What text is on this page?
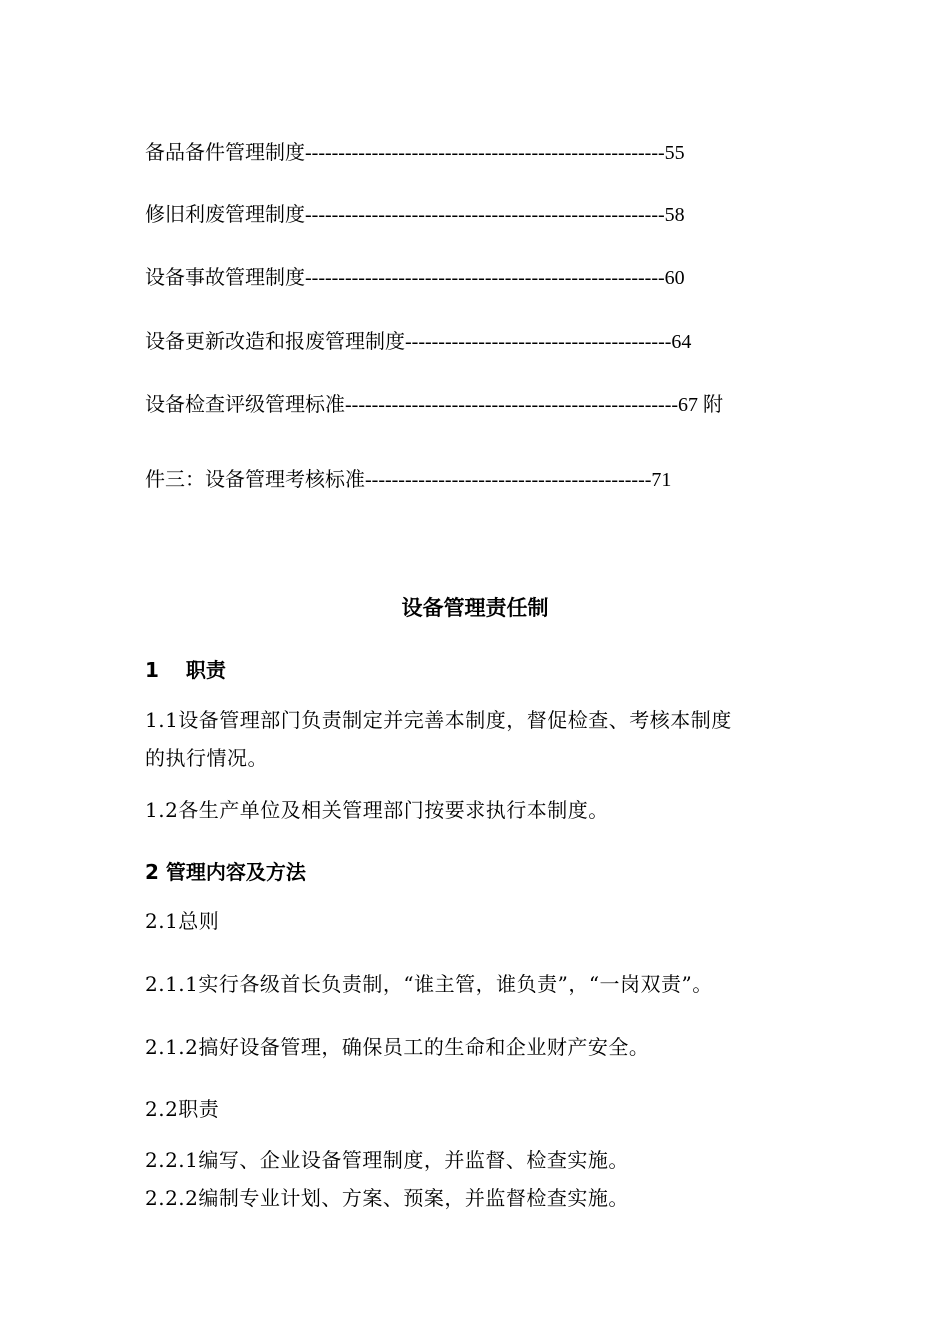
备品备件管理制度------------------------------------------------------55
修旧利废管理制度------------------------------------------------------58
设备事故管理制度------------------------------------------------------60
设备更新改造和报废管理制度----------------------------------------64
设备检查评级管理标准--------------------------------------------------67 附
件三：设备管理考核标准-------------------------------------------71
设备管理责任制
1　 职责
1.1设备管理部门负责制定并完善本制度，督促检查、考核本制度
的执行情况。
1.2各生产单位及相关管理部门按要求执行本制度。
2 管理内容及方法
2.1总则
2.1.1实行各级首长负责制，“谁主管，谁负责”，“一岗双责”。
2.1.2搞好设备管理，确保员工的生命和企业财产安全。
2.2职责
2.2.1编写、企业设备管理制度，并监督、检查实施。
2.2.2编制专业计划、方案、预案，并监督检查实施。
